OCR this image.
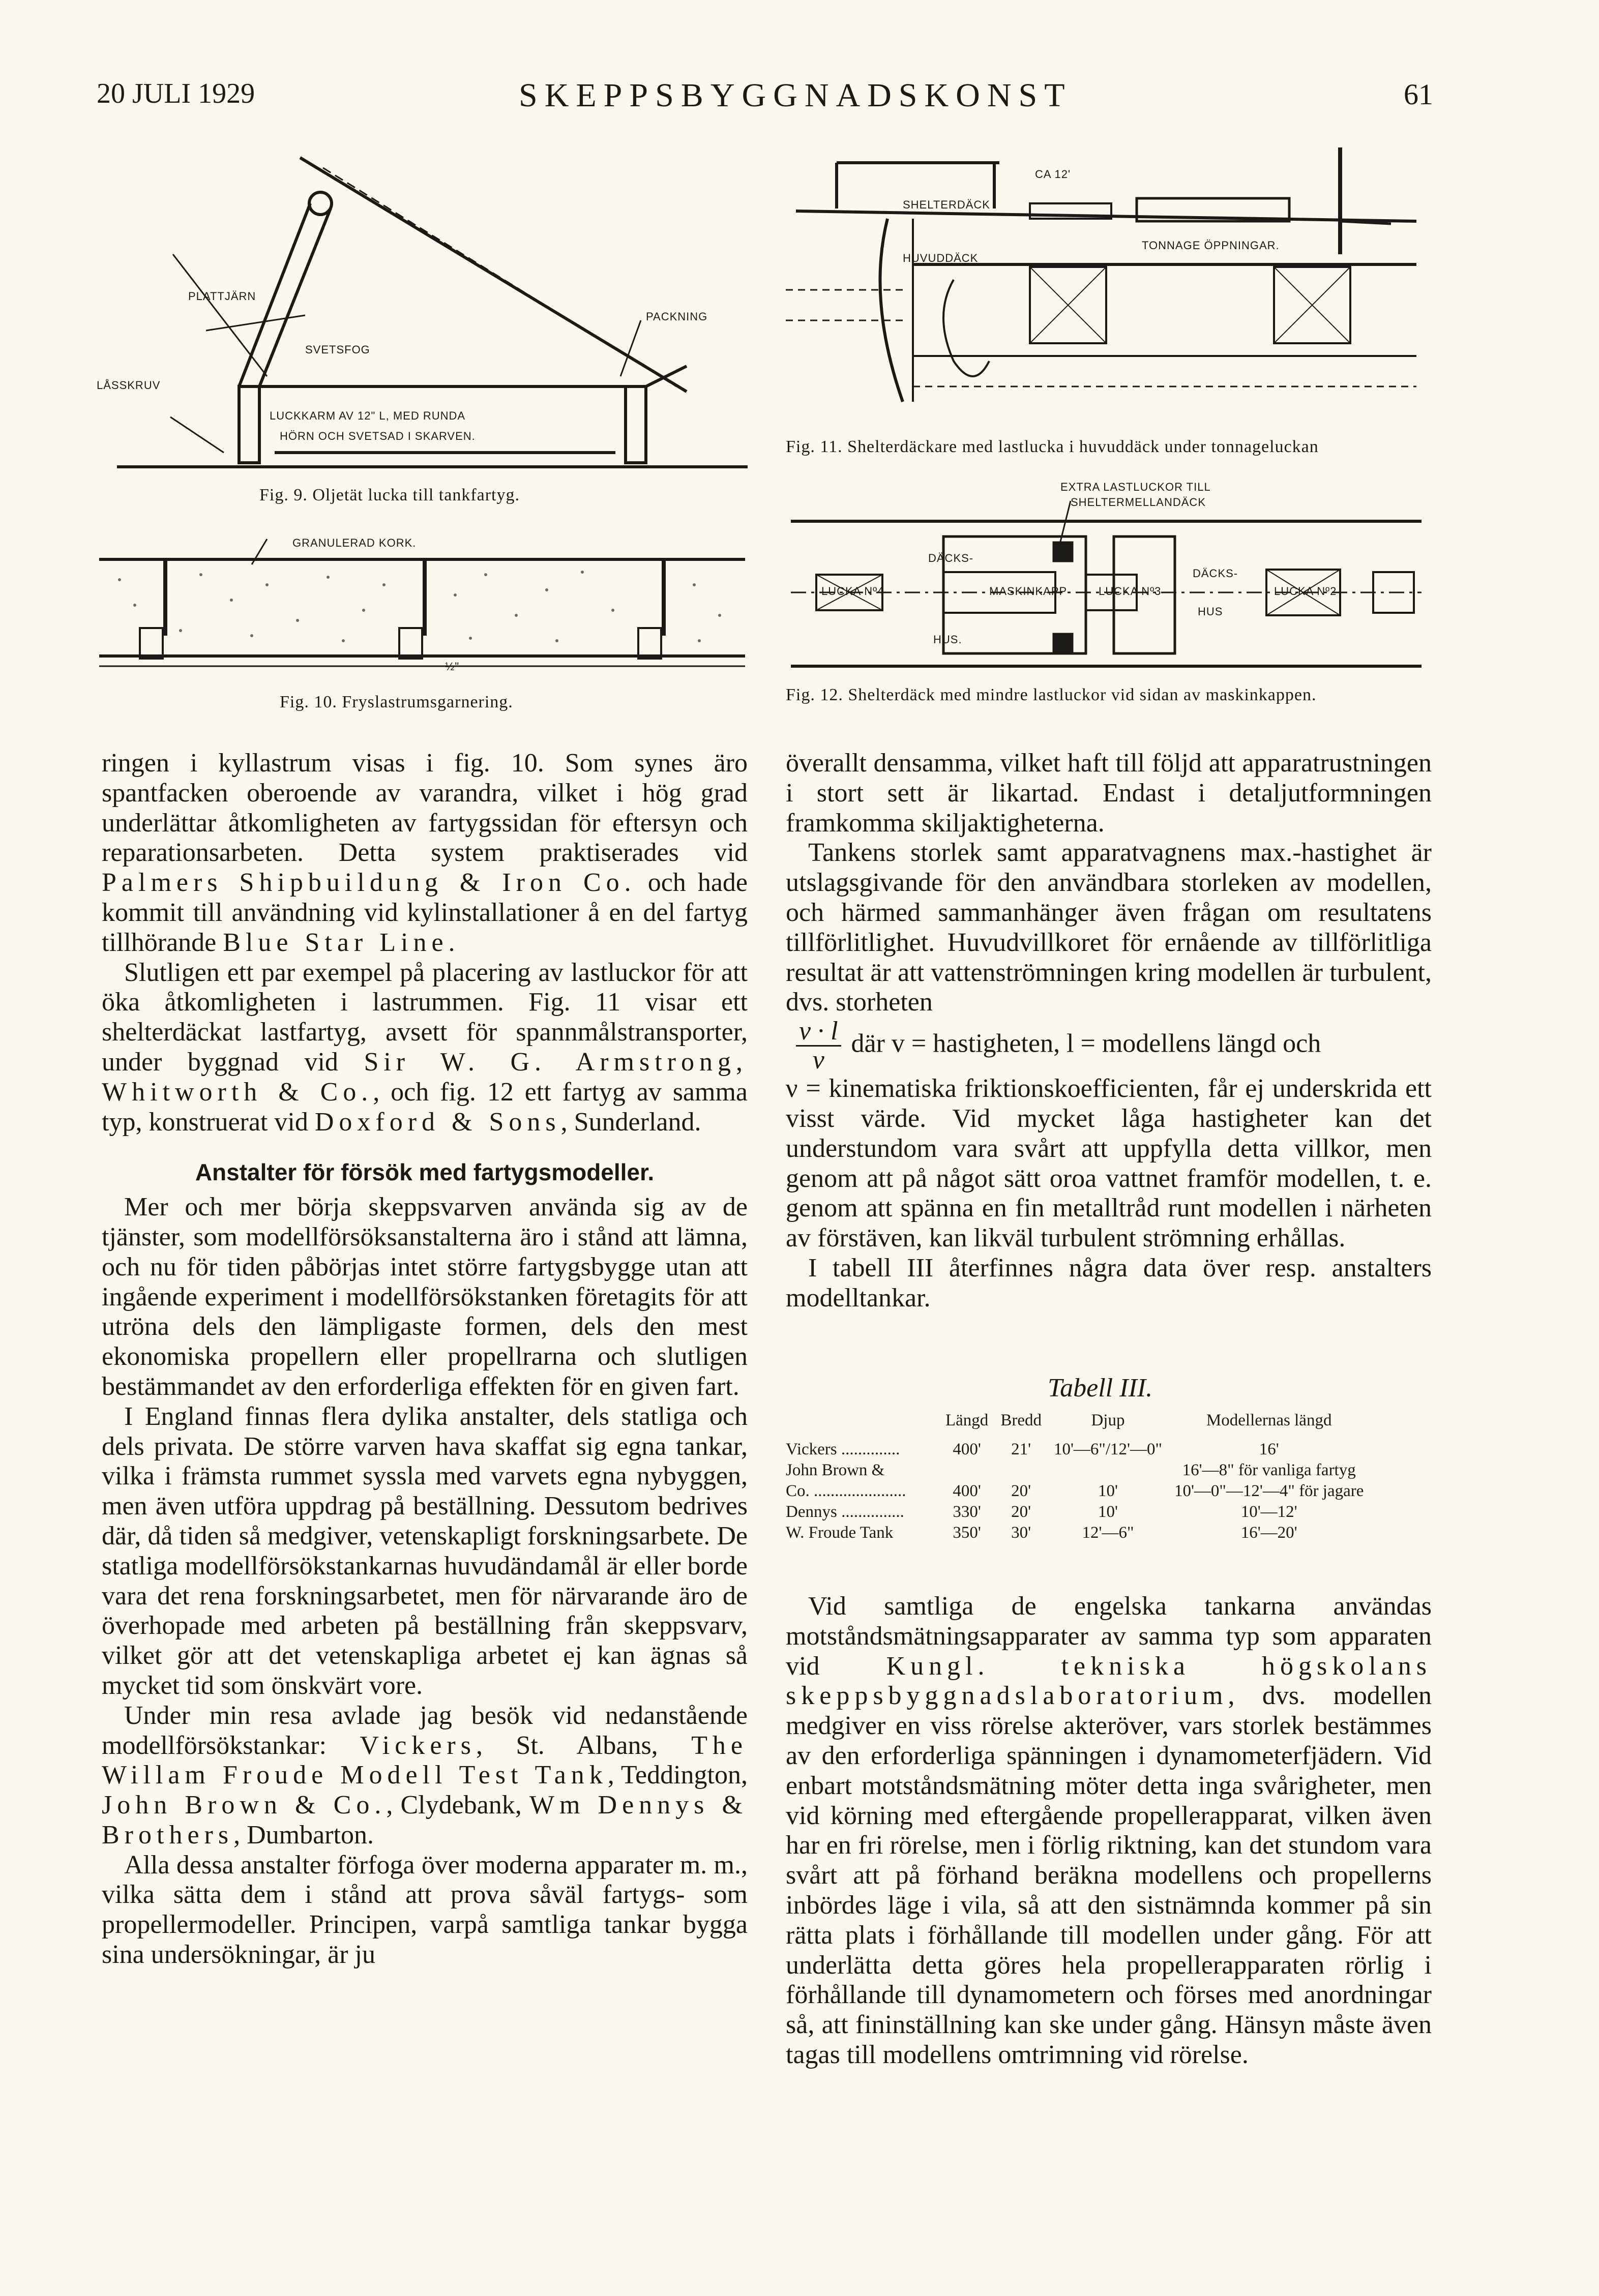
20 JULI 1929	SKEPPSBYGGNADSKONST	61
PLATTJÄRN
PACKNING
SVETSFOG
LÅSSKRUV
LUCKKARM AV 12" L, MED RUNDA
HÖRN OCH SVETSAD I SKARVEN.
Fig. 9. Oljetät lucka till tankfartyg.
GRANULERAD KORK.
½"
Fig. 10. Fryslastrumsgarnering.
CA 12'
SHELTERDÄCK
TONNAGE ÖPPNINGAR.
HUVUDDÄCK
Fig. 11. Shelterdäckare med lastlucka i huvuddäck under tonnageluckan
EXTRA LASTLUCKOR TILL
SHELTERMELLANDÄCK
DÄCKS-
HUS.
MASKINKAPP
LUCKA Nº4	LUCKA Nº3
DÄCKS-
HUS
LUCKA Nº2
Fig. 12. Shelterdäck med mindre lastluckor vid sidan av maskinkappen.

ringen i kyllastrum visas i fig. 10. Som synes äro spantfacken oberoende av varandra, vilket i hög grad underlättar åtkomligheten av fartygssidan för eftersyn och reparationsarbeten. Detta system praktiserades vid Palmers Shipbuildung & Iron Co. och hade kommit till användning vid kylinstallationer å en del fartyg tillhörande Blue Star Line.

Slutligen ett par exempel på placering av lastluckor för att öka åtkomligheten i lastrummen. Fig. 11 visar ett shelterdäckat lastfartyg, avsett för spannmålstransporter, under byggnad vid Sir W. G. Armstrong, Whitworth & Co., och fig. 12 ett fartyg av samma typ, konstruerat vid Doxford & Sons, Sunderland.

Anstalter för försök med fartygsmodeller.

Mer och mer börja skeppsvarven använda sig av de tjänster, som modellförsöksanstalterna äro i stånd att lämna, och nu för tiden påbörjas intet större fartygsbygge utan att ingående experiment i modellförsökstanken företagits för att utröna dels den lämpligaste formen, dels den mest ekonomiska propellern eller propellrarna och slutligen bestämmandet av den erforderliga effekten för en given fart.

I England finnas flera dylika anstalter, dels statliga och dels privata. De större varven hava skaffat sig egna tankar, vilka i främsta rummet syssla med varvets egna nybyggen, men även utföra uppdrag på beställning. Dessutom bedrives där, då tiden så medgiver, vetenskapligt forskningsarbete. De statliga modellförsökstankarnas huvudändamål är eller borde vara det rena forskningsarbetet, men för närvarande äro de överhopade med arbeten på beställning från skeppsvarv, vilket gör att det vetenskapliga arbetet ej kan ägnas så mycket tid som önskvärt vore.

Under min resa avlade jag besök vid nedanstående modellförsökstankar: Vickers, St. Albans, The Willam Froude Modell Test Tank, Teddington, John Brown & Co., Clydebank, Wm Dennys & Brothers, Dumbarton.

Alla dessa anstalter förfoga över moderna apparater m. m., vilka sätta dem i stånd att prova såväl fartygs- som propellermodeller. Principen, varpå samtliga tankar bygga sina undersökningar, är ju

överallt densamma, vilket haft till följd att apparatrustningen i stort sett är likartad. Endast i detaljutformningen framkomma skiljaktigheterna.

Tankens storlek samt apparatvagnens max.-hastighet är utslagsgivande för den användbara storleken av modellen, och härmed sammanhänger även frågan om resultatens tillförlitlighet. Huvudvillkoret för ernående av tillförlitliga resultat är att vattenströmningen kring modellen är turbulent, dvs. storheten

$\frac{v \cdot l}{\nu}$ där v = hastigheten, l = modellens längd och

ν = kinematiska friktionskoefficienten, får ej underskrida ett visst värde. Vid mycket låga hastigheter kan det understundom vara svårt att uppfylla detta villkor, men genom att på något sätt oroa vattnet framför modellen, t. e. genom att spänna en fin metalltråd runt modellen i närheten av förstäven, kan likväl turbulent strömning erhållas.

I tabell III återfinnes några data över resp. anstalters modelltankar.

Tabell III.
	Längd	Bredd	Djup	Modellernas längd
Vickers ..............	400'	21'	10'—6"/12'—0"	16'
John Brown &				16'—8" för vanliga fartyg
Co. ......................	400'	20'	10'	10'—0"—12'—4" för jagare
Dennys ...............	330'	20'	10'	10'—12'
W. Froude Tank	350'	30'	12'—6"	16'—20'

Vid samtliga de engelska tankarna användas motståndsmätningsapparater av samma typ som apparaten vid Kungl. tekniska högskolans skeppsbyggnadslaboratorium, dvs. modellen medgiver en viss rörelse akteröver, vars storlek bestämmes av den erforderliga spänningen i dynamometerfjädern. Vid enbart motståndsmätning möter detta inga svårigheter, men vid körning med eftergående propellerapparat, vilken även har en fri rörelse, men i förlig riktning, kan det stundom vara svårt att på förhand beräkna modellens och propellerns inbördes läge i vila, så att den sistnämnda kommer på sin rätta plats i förhållande till modellen under gång. För att underlätta detta göres hela propellerapparaten rörlig i förhållande till dynamometern och förses med anordningar så, att fininställning kan ske under gång. Hänsyn måste även tagas till modellens omtrimning vid rörelse.
